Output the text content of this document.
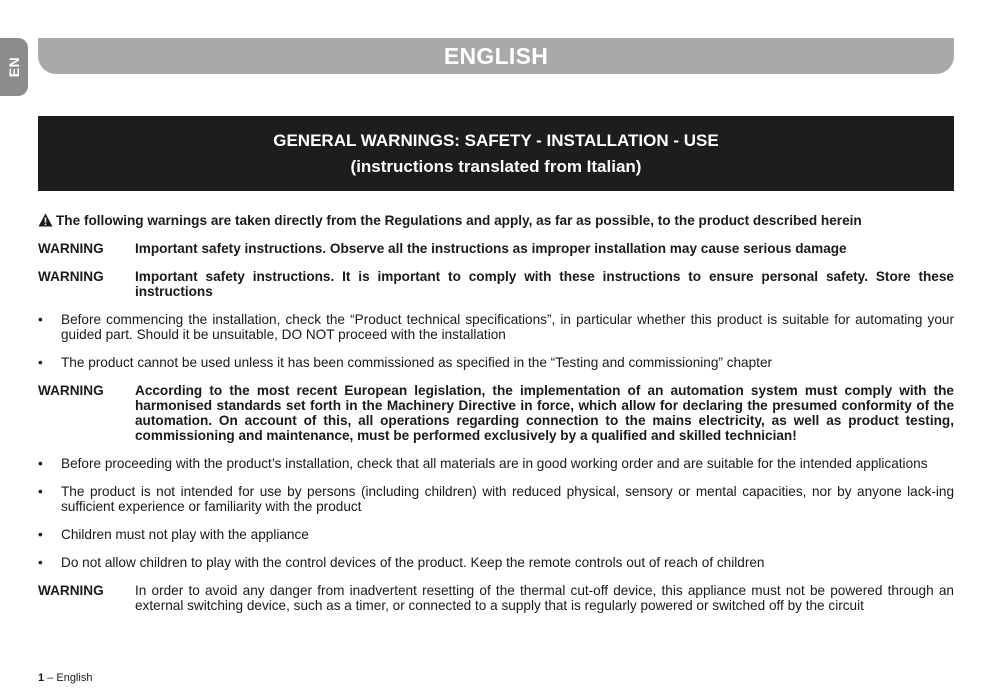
EN	ENGLISH
GENERAL WARNINGS: SAFETY - INSTALLATION - USE
(instructions translated from Italian)

The following warnings are taken directly from the Regulations and apply, as far as possible, to the product described herein

WARNING	Important safety instructions. Observe all the instructions as improper installation may cause serious damage
WARNING	Important safety instructions. It is important to comply with these instructions to ensure personal safety. Store these instructions
•	Before commencing the installation, check the “Product technical specifications”, in particular whether this product is suitable for automating your guided part. Should it be unsuitable, DO NOT proceed with the installation
•	The product cannot be used unless it has been commissioned as specified in the “Testing and commissioning” chapter
WARNING	According to the most recent European legislation, the implementation of an automation system must comply with the harmonised standards set forth in the Machinery Directive in force, which allow for declaring the presumed conformity of the automation. On account of this, all operations regarding connection to the mains electricity, as well as product testing, commissioning and maintenance, must be performed exclusively by a qualified and skilled technician!
•	Before proceeding with the product’s installation, check that all materials are in good working order and are suitable for the intended applications
•	The product is not intended for use by persons (including children) with reduced physical, sensory or mental capacities, nor by anyone lack-ing sufficient experience or familiarity with the product
•	Children must not play with the appliance
•	Do not allow children to play with the control devices of the product. Keep the remote controls out of reach of children
WARNING	In order to avoid any danger from inadvertent resetting of the thermal cut-off device, this appliance must not be powered through an external switching device, such as a timer, or connected to a supply that is regularly powered or switched off by the circuit
1 – English
